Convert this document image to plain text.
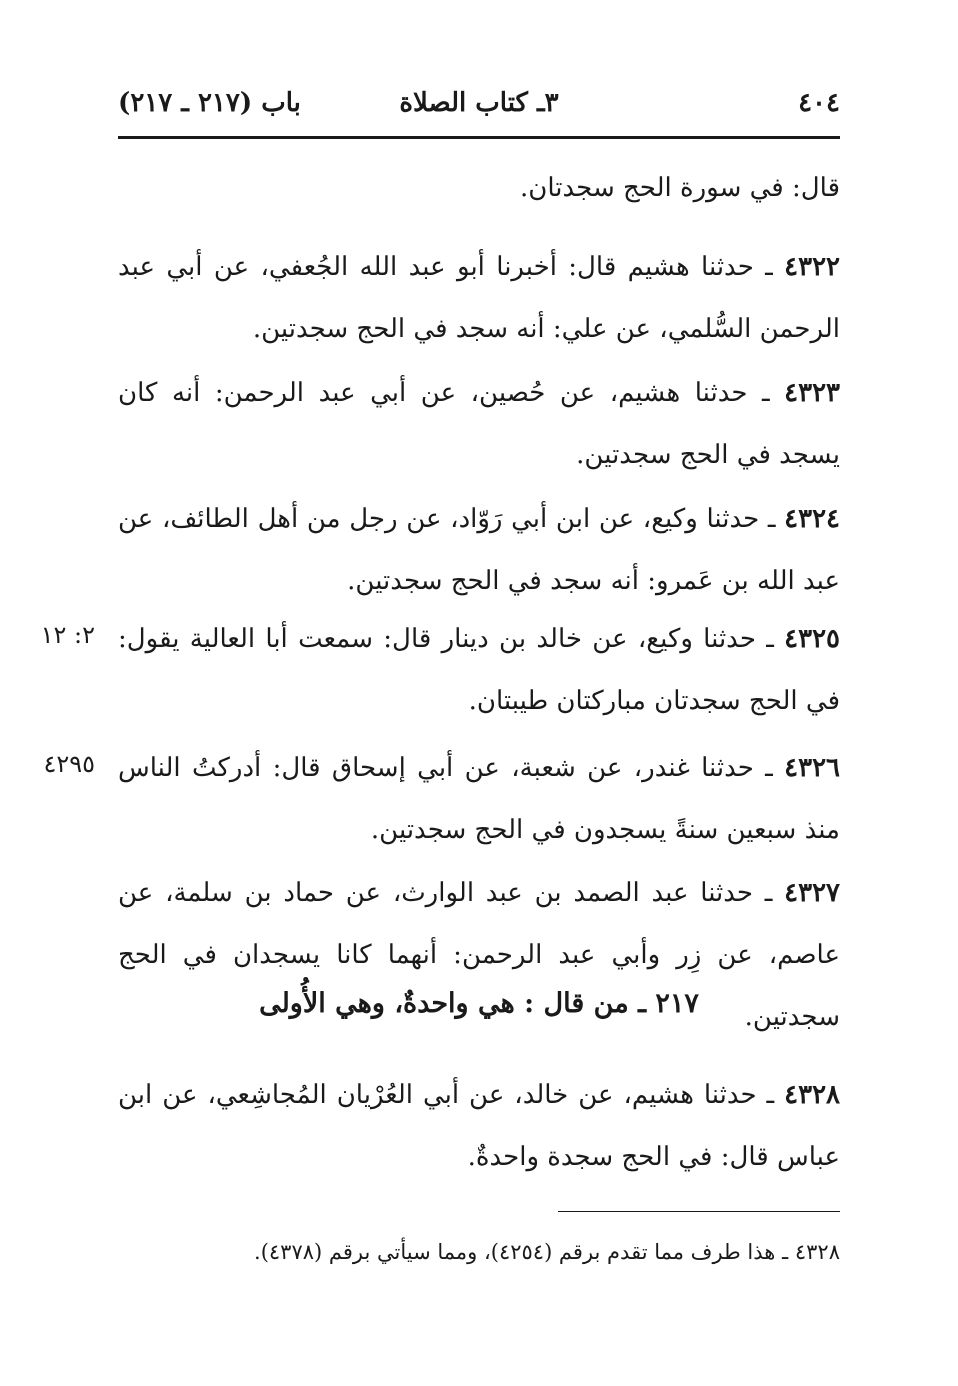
٤٠٤
٣ـ كتاب الصلاة
باب (٢١٧ ـ ٢١٧)
قال: في سورة الحج سجدتان.
٤٣٢٢ ـ حدثنا هشيم قال: أخبرنا أبو عبد الله الجُعفي، عن أبي عبد الرحمن السُّلمي، عن علي: أنه سجد في الحج سجدتين.
٤٣٢٣ ـ حدثنا هشيم، عن حُصين، عن أبي عبد الرحمن: أنه كان يسجد في الحج سجدتين.
٤٣٢٤ ـ حدثنا وكيع، عن ابن أبي رَوّاد، عن رجل من أهل الطائف، عن عبد الله بن عَمرو: أنه سجد في الحج سجدتين.
٢: ١٢	٤٣٢٥ ـ حدثنا وكيع، عن خالد بن دينار قال: سمعت أبا العالية يقول: في الحج سجدتان مباركتان طيبتان.
٤٢٩٥	٤٣٢٦ ـ حدثنا غندر، عن شعبة، عن أبي إسحاق قال: أدركتُ الناس منذ سبعين سنةً يسجدون في الحج سجدتين.
٤٣٢٧ ـ حدثنا عبد الصمد بن عبد الوارث، عن حماد بن سلمة، عن عاصم، عن زِر وأبي عبد الرحمن: أنهما كانا يسجدان في الحج سجدتين.
٢١٧ ـ من قال : هي واحدةٌ، وهي الأُولى
٤٣٢٨ ـ حدثنا هشيم، عن خالد، عن أبي العُرْيان المُجاشِعي، عن ابن عباس قال: في الحج سجدة واحدةٌ.
٤٣٢٨ ـ هذا طرف مما تقدم برقم (٤٢٥٤)، ومما سيأتي برقم (٤٣٧٨).
